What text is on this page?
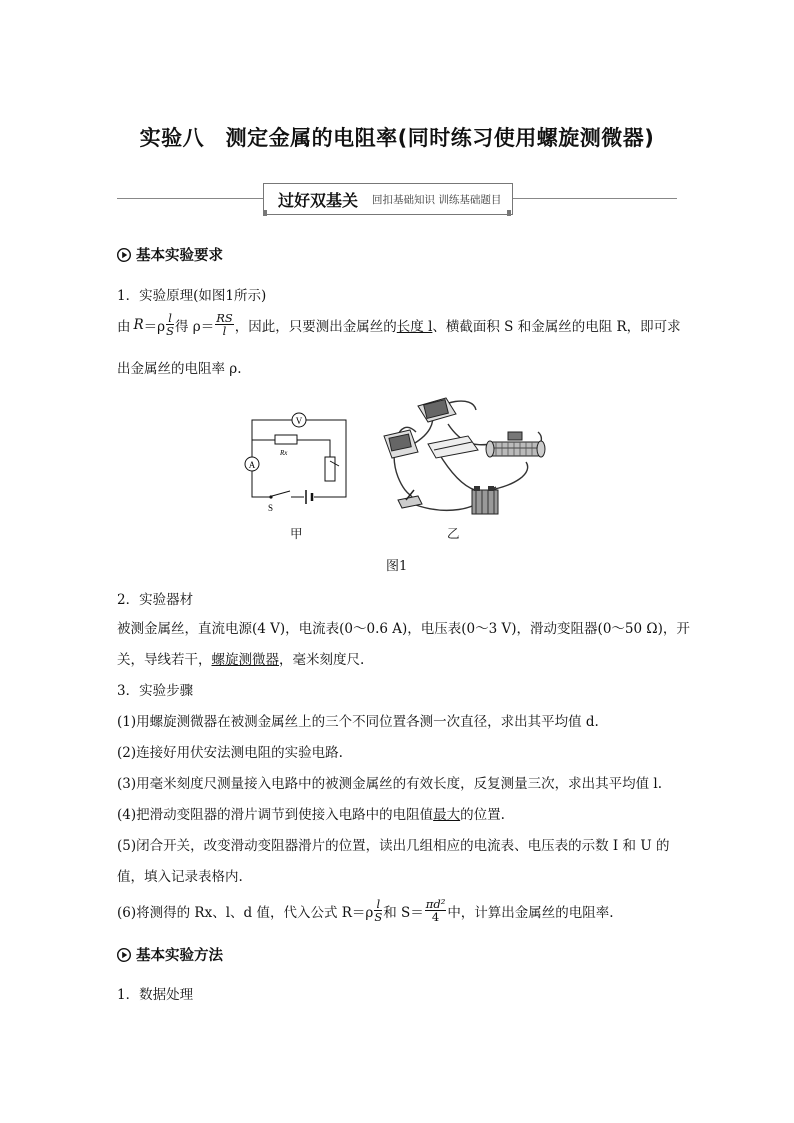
实验八　测定金属的电阻率(同时练习使用螺旋测微器)
过好双基关	回扣基础知识 训练基础题目
基本实验要求
1．实验原理(如图1所示)
由 $R =\rho \frac{l}{S}$ 得 $\rho= \frac{RS}{l}$ ，因此，只要测出金属丝的 长度 l 、横截面积 S 和金属丝的电阻 R，即可求
出金属丝的电阻率 ρ.
V
A
Rx
S
甲	乙
图1
2．实验器材
被测金属丝，直流电源(4 V)，电流表(0～0.6 A)，电压表(0～3 V)，滑动变阻器(0～50 Ω)，开
关，导线若干，螺旋测微器，毫米刻度尺.
3．实验步骤
(1)用螺旋测微器在被测金属丝上的三个不同位置各测一次直径，求出其平均值 d.
(2)连接好用伏安法测电阻的实验电路.
(3)用毫米刻度尺测量接入电路中的被测金属丝的有效长度，反复测量三次，求出其平均值 l.
(4)把滑动变阻器的滑片调节到使接入电路中的电阻值最大的位置.
(5)闭合开关，改变滑动变阻器滑片的位置，读出几组相应的电流表、电压表的示数 I 和 U 的
值，填入记录表格内.
(6)将测得的 Rx、l、d 值，代入公式 $R=\rho \frac{l}{S}$ 和 $S= \frac{\text{πd²}}{4}$ 中，计算出金属丝的电阻率.
基本实验方法
1．数据处理
